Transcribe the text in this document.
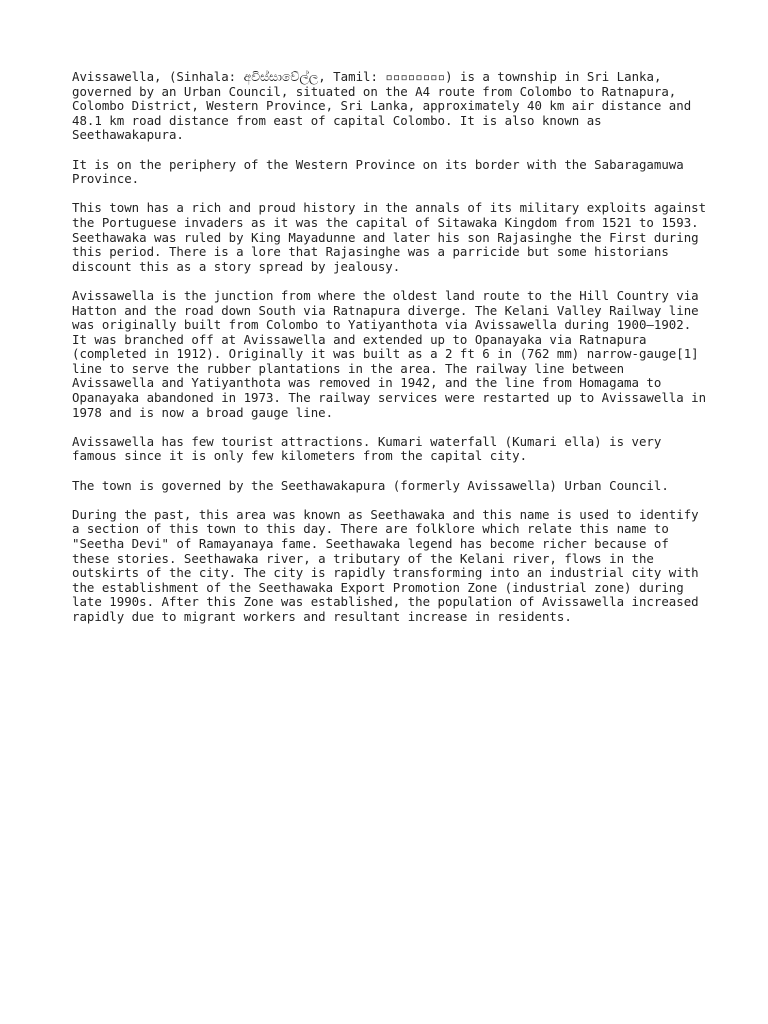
Avissawella, (Sinhala: අවිස්සාවේල්ල, Tamil: ▫▫▫▫▫▫▫▫) is a township in Sri Lanka, governed by an Urban Council, situated on the A4 route from Colombo to Ratnapura, Colombo District, Western Province, Sri Lanka, approximately 40 km air distance and 48.1 km road distance from east of capital Colombo. It is also known as Seethawakapura.

It is on the periphery of the Western Province on its border with the Sabaragamuwa Province.

This town has a rich and proud history in the annals of its military exploits against the Portuguese invaders as it was the capital of Sitawaka Kingdom from 1521 to 1593. Seethawaka was ruled by King Mayadunne and later his son Rajasinghe the First during this period. There is a lore that Rajasinghe was a parricide but some historians discount this as a story spread by jealousy.

Avissawella is the junction from where the oldest land route to the Hill Country via Hatton and the road down South via Ratnapura diverge. The Kelani Valley Railway line was originally built from Colombo to Yatiyanthota via Avissawella during 1900–1902. It was branched off at Avissawella and extended up to Opanayaka via Ratnapura (completed in 1912). Originally it was built as a 2 ft 6 in (762 mm) narrow-gauge[1] line to serve the rubber plantations in the area. The railway line between Avissawella and Yatiyanthota was removed in 1942, and the line from Homagama to Opanayaka abandoned in 1973. The railway services were restarted up to Avissawella in 1978 and is now a broad gauge line.

Avissawella has few tourist attractions. Kumari waterfall (Kumari ella) is very famous since it is only few kilometers from the capital city.

The town is governed by the Seethawakapura (formerly Avissawella) Urban Council.

During the past, this area was known as Seethawaka and this name is used to identify a section of this town to this day. There are folklore which relate this name to "Seetha Devi" of Ramayanaya fame. Seethawaka legend has become richer because of these stories. Seethawaka river, a tributary of the Kelani river, flows in the outskirts of the city. The city is rapidly transforming into an industrial city with the establishment of the Seethawaka Export Promotion Zone (industrial zone) during late 1990s. After this Zone was established, the population of Avissawella increased rapidly due to migrant workers and resultant increase in residents.
